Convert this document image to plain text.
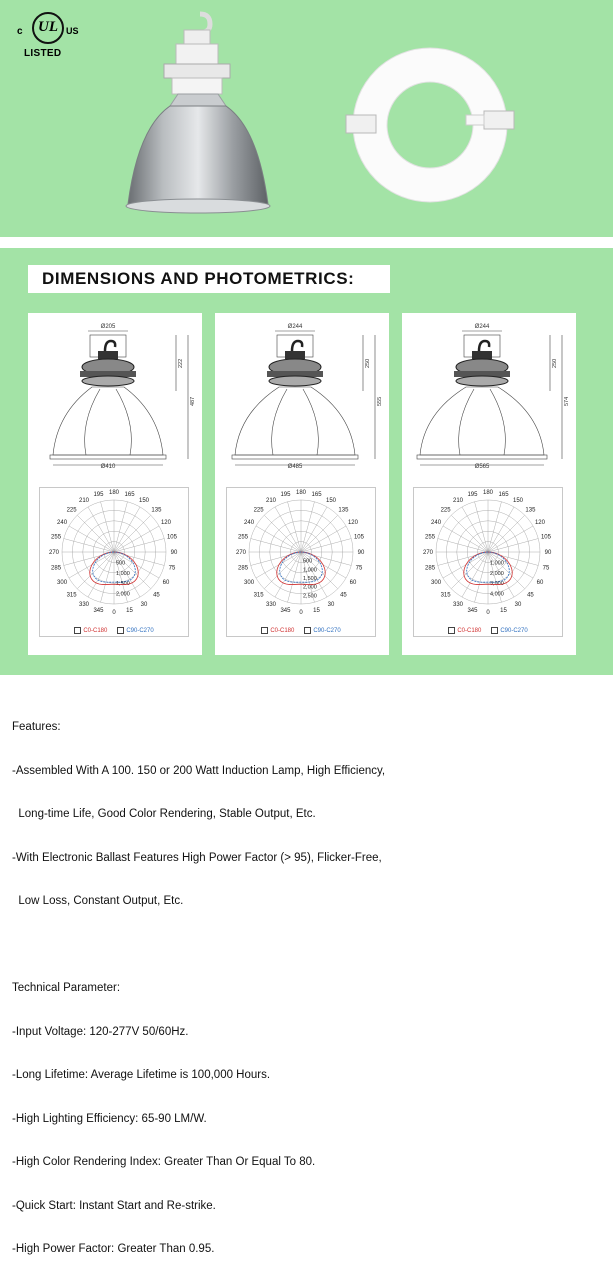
c	UL US
LISTED
DIMENSIONS AND PHOTOMETRICS:
Ø205
Ø410
222
487
180 165
150
135
120
105
90
75
60
45
30
15
0
345
330
315
300
285
270
255
240
225
210
195
500
1,000
1,500
2,000
C0-C180	C90-C270
Ø244
Ø485
250
555
180 165
150
135
120
105
90
75
60
45
30
15
0
345
330
315
300
285
270
255
240
225
210
195
500
1,000
1,500
2,000
2,500
C0-C180	C90-C270
Ø244
Ø565
250
574
180 165
150
135
120
105
90
75
60
45
30
15
0
345
330
315
300
285
270
255
240
225
210
195
1,000
2,000
3,000
4,000
C0-C180	C90-C270

Features:

-Assembled With A 100. 150 or 200 Watt Induction Lamp, High Efficiency,

Long-time Life, Good Color Rendering, Stable Output, Etc.

-With Electronic Ballast Features High Power Factor (> 95), Flicker-Free,

Low Loss, Constant Output, Etc.

Technical Parameter:

-Input Voltage: 120-277V 50/60Hz.

-Long Lifetime: Average Lifetime is 100,000 Hours.

-High Lighting Efficiency: 65-90 LM/W.

-High Color Rendering Index: Greater Than Or Equal To 80.

-Quick Start: Instant Start and Re-strike.

-High Power Factor: Greater Than 0.95.
